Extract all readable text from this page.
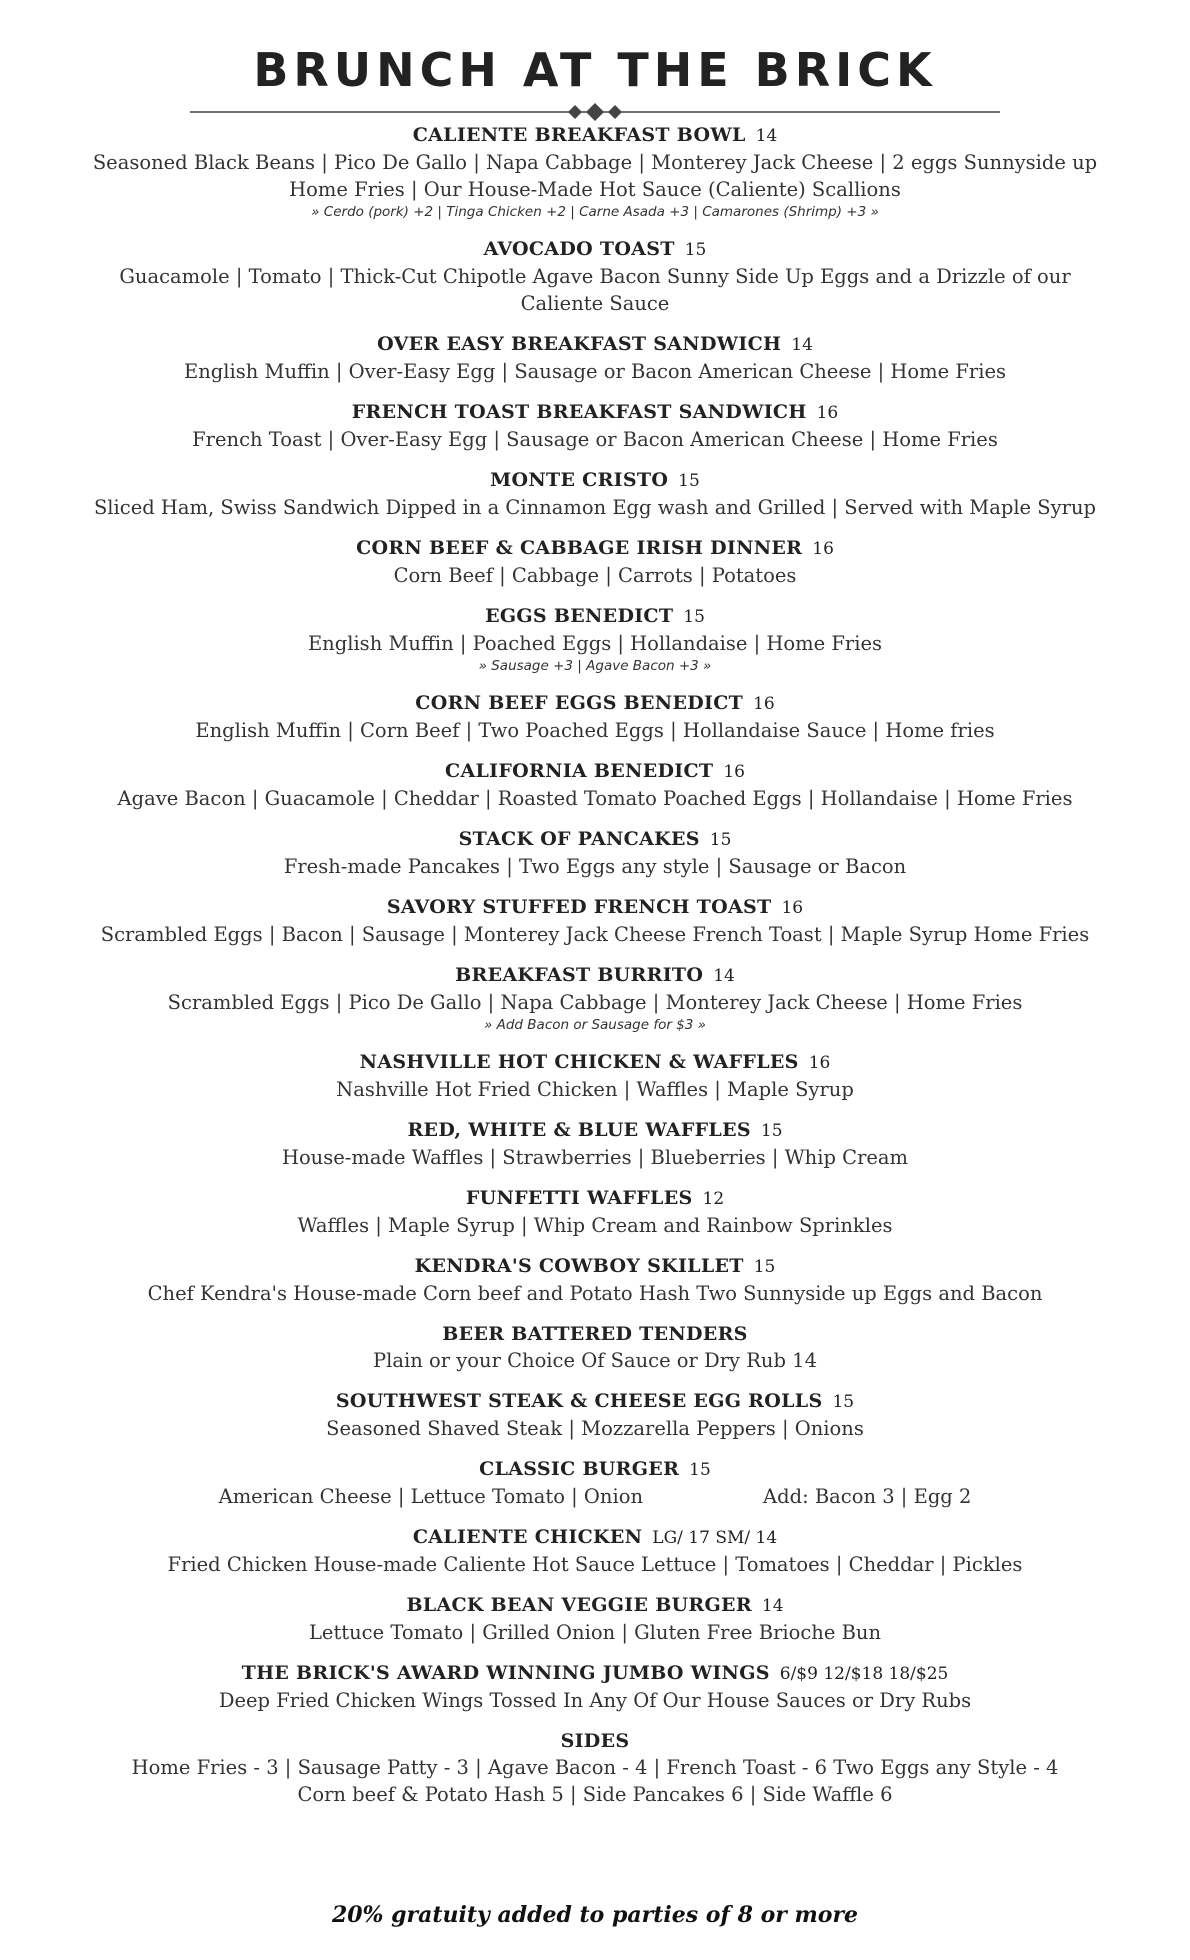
BRUNCH AT THE BRICK
CALIENTE BREAKFAST BOWL 14
Seasoned Black Beans | Pico De Gallo | Napa Cabbage | Monterey Jack Cheese | 2 eggs Sunnyside up
Home Fries | Our House-Made Hot Sauce (Caliente) Scallions
» Cerdo (pork) +2 | Tinga Chicken +2 | Carne Asada +3 | Camarones (Shrimp) +3 »
AVOCADO TOAST 15
Guacamole | Tomato | Thick-Cut Chipotle Agave Bacon Sunny Side Up Eggs and a Drizzle of our
Caliente Sauce
OVER EASY BREAKFAST SANDWICH 14
English Muffin | Over-Easy Egg | Sausage or Bacon American Cheese | Home Fries
FRENCH TOAST BREAKFAST SANDWICH 16
French Toast | Over-Easy Egg | Sausage or Bacon American Cheese | Home Fries
MONTE CRISTO 15
Sliced Ham, Swiss Sandwich Dipped in a Cinnamon Egg wash and Grilled | Served with Maple Syrup
CORN BEEF & CABBAGE IRISH DINNER 16
Corn Beef | Cabbage | Carrots | Potatoes
EGGS BENEDICT 15
English Muffin | Poached Eggs | Hollandaise | Home Fries
» Sausage +3 | Agave Bacon +3 »
CORN BEEF EGGS BENEDICT 16
English Muffin | Corn Beef | Two Poached Eggs | Hollandaise Sauce | Home fries
CALIFORNIA BENEDICT 16
Agave Bacon | Guacamole | Cheddar | Roasted Tomato Poached Eggs | Hollandaise | Home Fries
STACK OF PANCAKES 15
Fresh-made Pancakes | Two Eggs any style | Sausage or Bacon
SAVORY STUFFED FRENCH TOAST 16
Scrambled Eggs | Bacon | Sausage | Monterey Jack Cheese French Toast | Maple Syrup Home Fries
BREAKFAST BURRITO 14
Scrambled Eggs | Pico De Gallo | Napa Cabbage | Monterey Jack Cheese | Home Fries
» Add Bacon or Sausage for $3 »
NASHVILLE HOT CHICKEN & WAFFLES 16
Nashville Hot Fried Chicken | Waffles | Maple Syrup
RED, WHITE & BLUE WAFFLES 15
House-made Waffles | Strawberries | Blueberries | Whip Cream
FUNFETTI WAFFLES 12
Waffles | Maple Syrup | Whip Cream and Rainbow Sprinkles
KENDRA'S COWBOY SKILLET 15
Chef Kendra's House-made Corn beef and Potato Hash Two Sunnyside up Eggs and Bacon
BEER BATTERED TENDERS
Plain or your Choice Of Sauce or Dry Rub 14
SOUTHWEST STEAK & CHEESE EGG ROLLS 15
Seasoned Shaved Steak | Mozzarella Peppers | Onions
CLASSIC BURGER 15
American Cheese | Lettuce Tomato | Onion	Add: Bacon 3 | Egg 2
CALIENTE CHICKEN LG/ 17 SM/ 14
Fried Chicken House-made Caliente Hot Sauce Lettuce | Tomatoes | Cheddar | Pickles
BLACK BEAN VEGGIE BURGER 14
Lettuce Tomato | Grilled Onion | Gluten Free Brioche Bun
THE BRICK'S AWARD WINNING JUMBO WINGS 6/$9 12/$18 18/$25
Deep Fried Chicken Wings Tossed In Any Of Our House Sauces or Dry Rubs
SIDES
Home Fries - 3 | Sausage Patty - 3 | Agave Bacon - 4 | French Toast - 6 Two Eggs any Style - 4
Corn beef & Potato Hash 5 | Side Pancakes 6 | Side Waffle 6
20% gratuity added to parties of 8 or more
